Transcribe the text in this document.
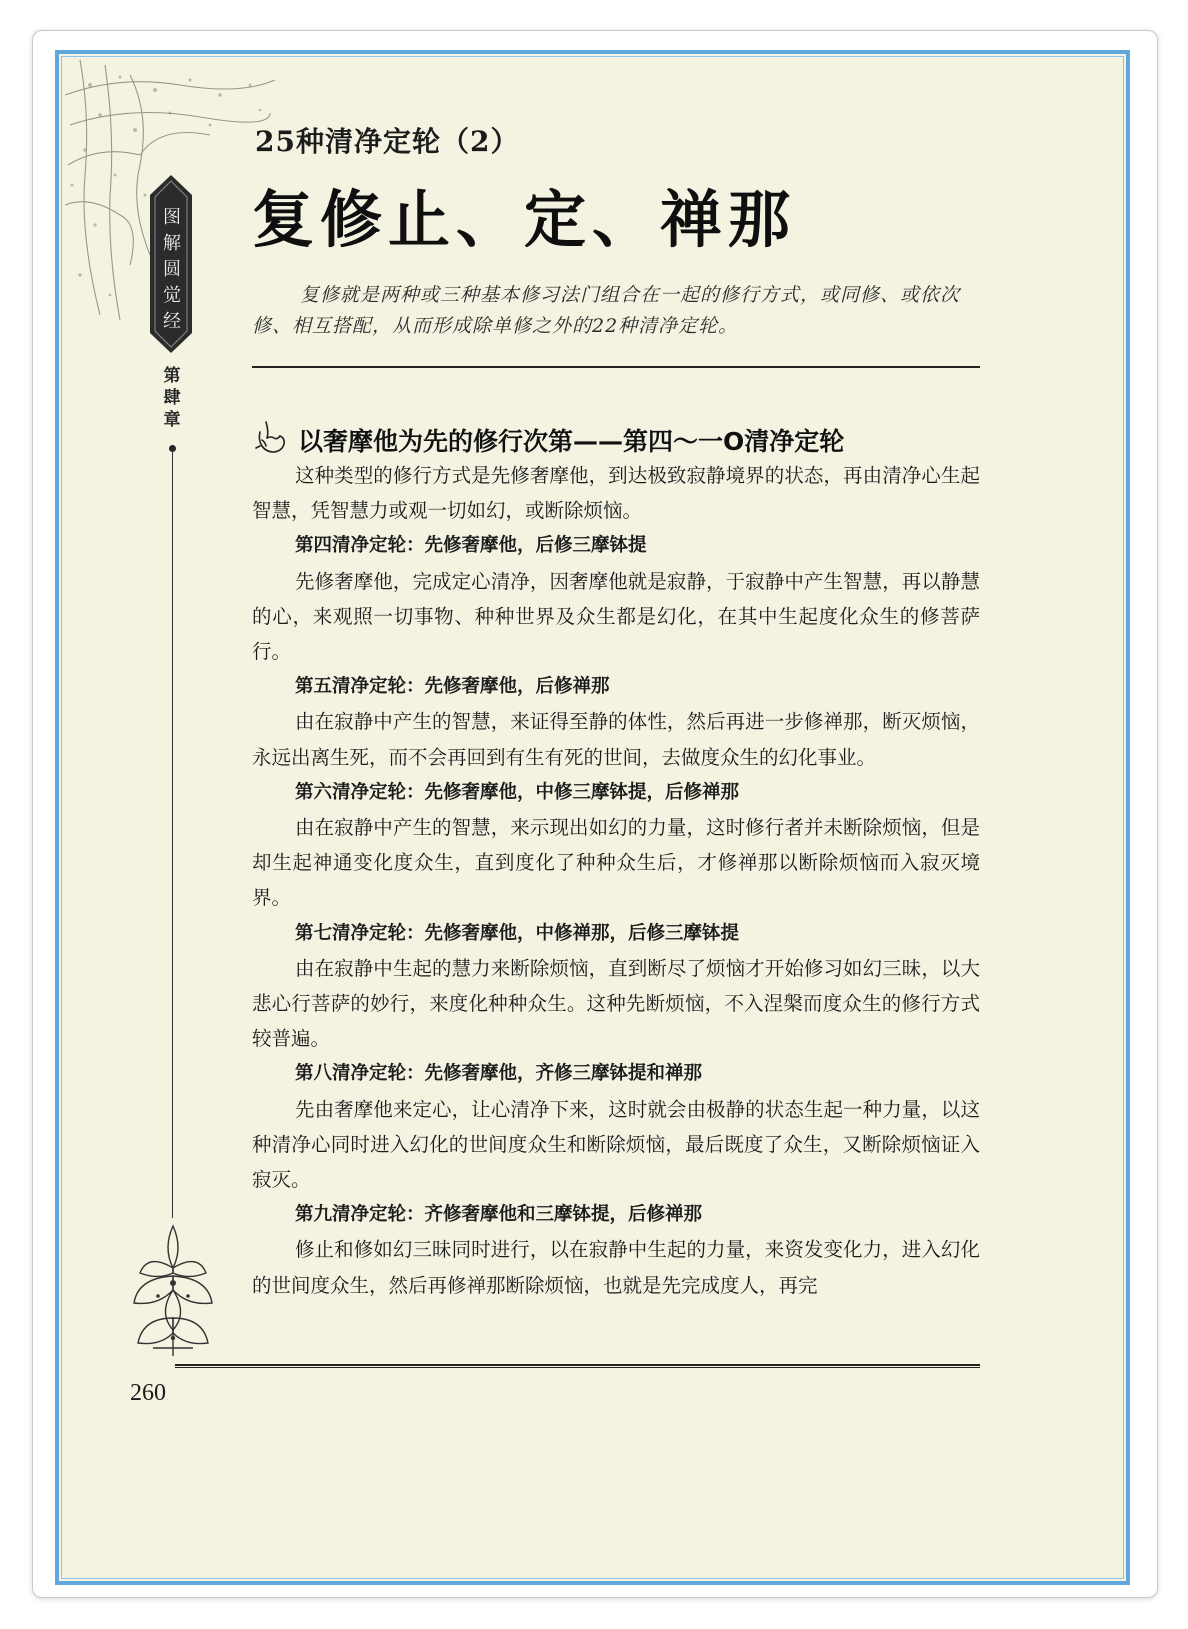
图
解
圆
觉
经
第
肆
章
25种清净定轮（2）
复修止、定、禅那
复修就是两种或三种基本修习法门组合在一起的修行方式，或同修、或依次修、相互搭配，从而形成除单修之外的22种清净定轮。
以奢摩他为先的修行次第——第四～一O清净定轮

这种类型的修行方式是先修奢摩他，到达极致寂静境界的状态，再由清净心生起智慧，凭智慧力或观一切如幻，或断除烦恼。

第四清净定轮：先修奢摩他，后修三摩钵提

先修奢摩他，完成定心清净，因奢摩他就是寂静，于寂静中产生智慧，再以静慧的心，来观照一切事物、种种世界及众生都是幻化，在其中生起度化众生的修菩萨行。

第五清净定轮：先修奢摩他，后修禅那

由在寂静中产生的智慧，来证得至静的体性，然后再进一步修禅那，断灭烦恼，永远出离生死，而不会再回到有生有死的世间，去做度众生的幻化事业。

第六清净定轮：先修奢摩他，中修三摩钵提，后修禅那

由在寂静中产生的智慧，来示现出如幻的力量，这时修行者并未断除烦恼，但是却生起神通变化度众生，直到度化了种种众生后，才修禅那以断除烦恼而入寂灭境界。

第七清净定轮：先修奢摩他，中修禅那，后修三摩钵提

由在寂静中生起的慧力来断除烦恼，直到断尽了烦恼才开始修习如幻三昧，以大悲心行菩萨的妙行，来度化种种众生。这种先断烦恼，不入涅槃而度众生的修行方式较普遍。

第八清净定轮：先修奢摩他，齐修三摩钵提和禅那

先由奢摩他来定心，让心清净下来，这时就会由极静的状态生起一种力量，以这种清净心同时进入幻化的世间度众生和断除烦恼，最后既度了众生，又断除烦恼证入寂灭。

第九清净定轮：齐修奢摩他和三摩钵提，后修禅那

修止和修如幻三昧同时进行，以在寂静中生起的力量，来资发变化力，进入幻化的世间度众生，然后再修禅那断除烦恼，也就是先完成度人，再完

260
